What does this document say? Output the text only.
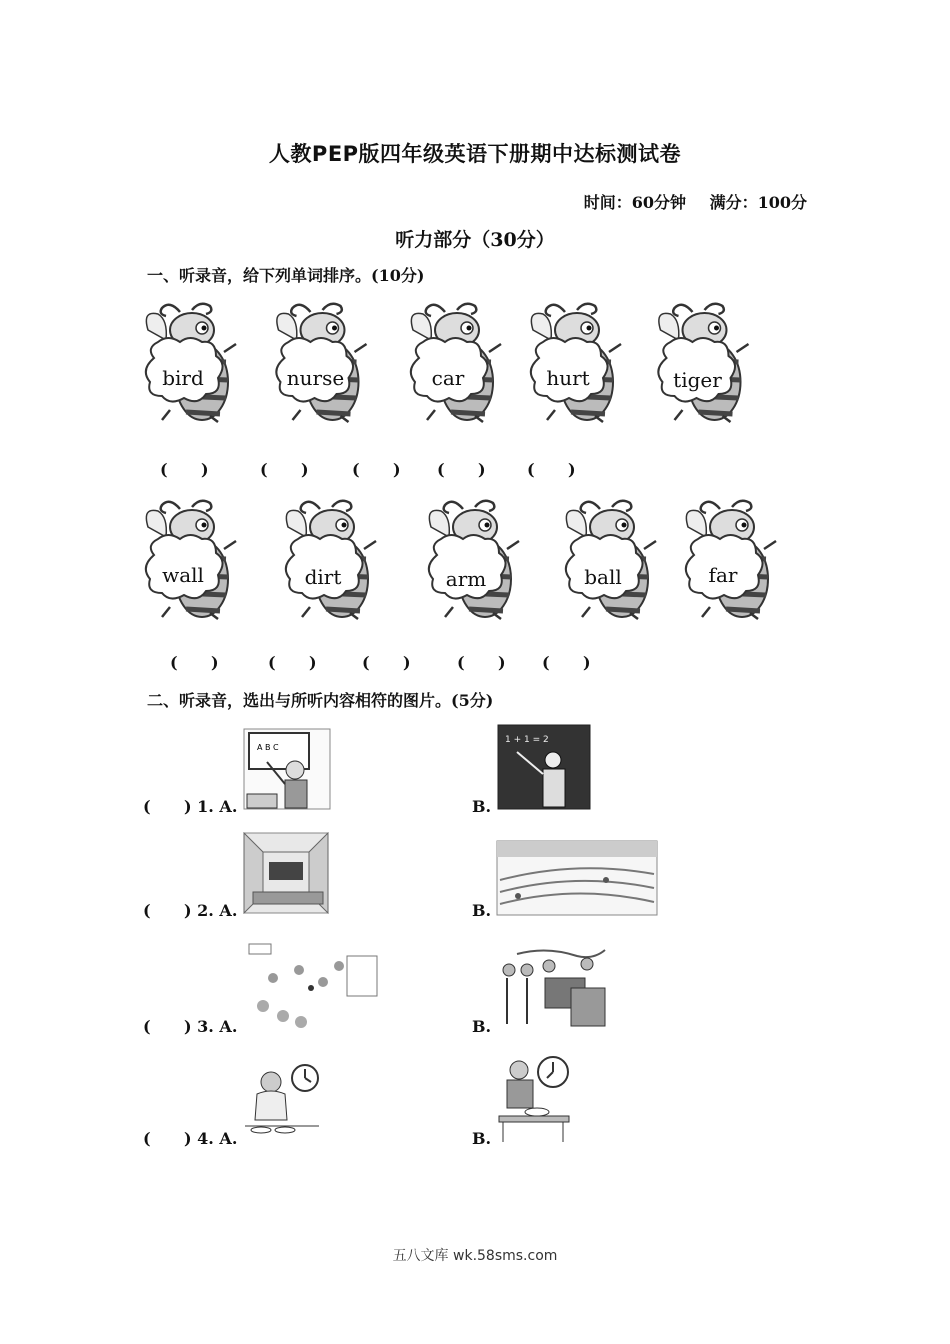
人教PEP版四年级英语下册期中达标测试卷
时间：60分钟 满分：100分
听力部分（30分）
一、听录音，给下列单词排序。(10分)
bird	nurse	car	hurt	tiger
(      )	(      )	(      ) (      )	(      )
wall	dirt	arm	ball	far
(      )	(      )	(      )	(      ) (      )
二、听录音，选出与所听内容相符的图片。(5分)
(      ) 1. A.	B.
A B C
1 + 1 = 2
(      ) 2. A.	B.
(      ) 3. A.	B.
(      ) 4. A.	B.
五八文库 wk.58sms.com
